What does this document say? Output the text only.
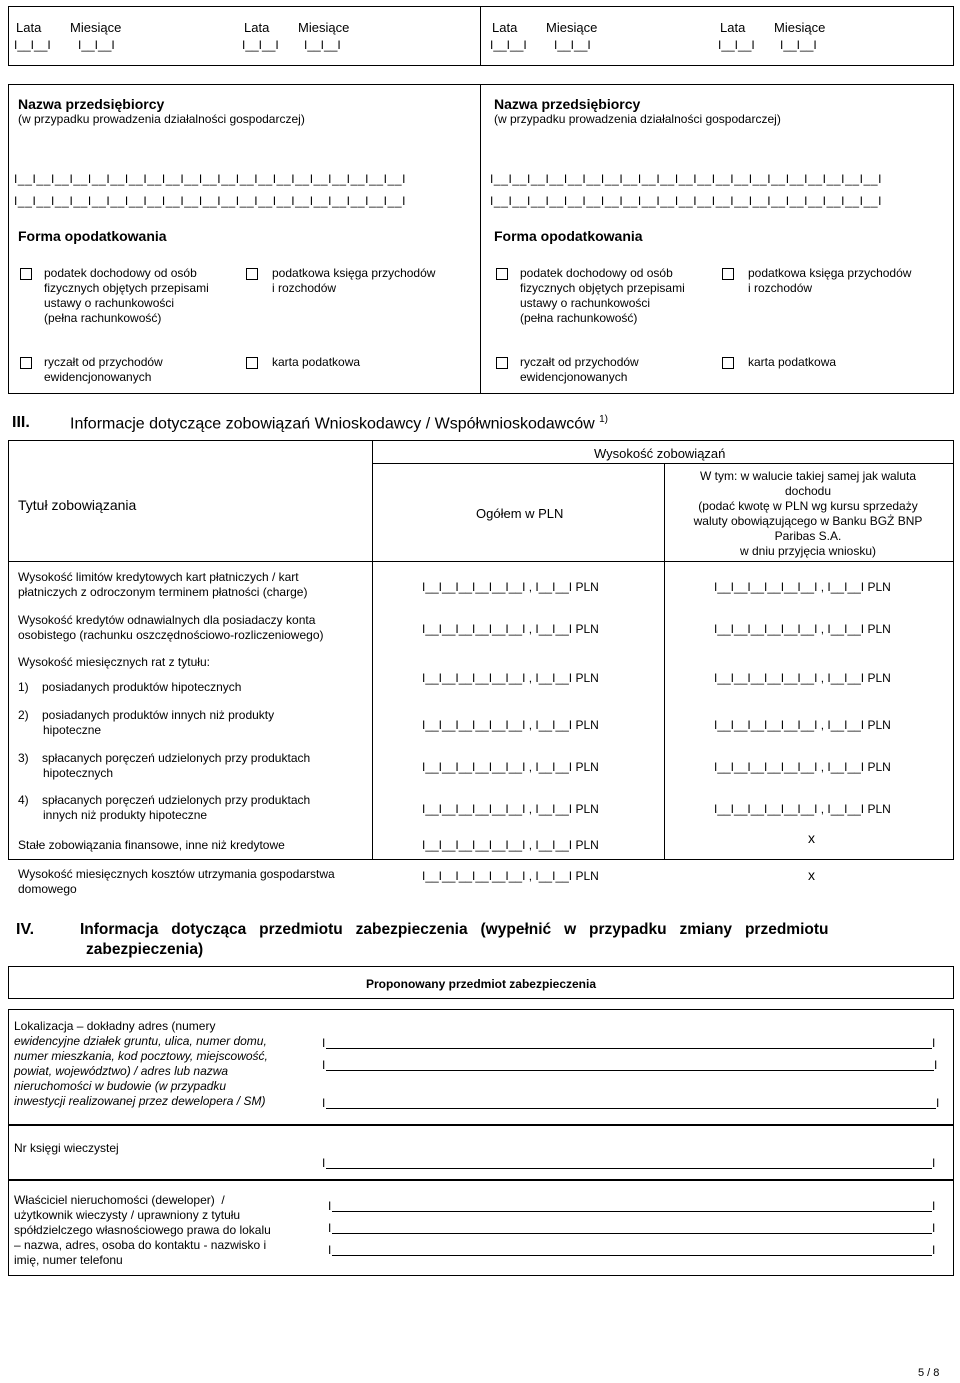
Lata Miesiące	Lata Miesiące	Lata Miesiące	Lata Miesiące
I__I__I I__I__I	I__I__I I__I__I	I__I__I I__I__I	I__I__I I__I__I
Nazwa przedsiębiorcy
(w przypadku prowadzenia działalności gospodarczej)
Nazwa przedsiębiorcy
(w przypadku prowadzenia działalności gospodarczej)
I__I__I__I__I__I__I__I__I__I__I__I__I__I__I__I__I__I__I__I__I__I
I__I__I__I__I__I__I__I__I__I__I__I__I__I__I__I__I__I__I__I__I__I
I__I__I__I__I__I__I__I__I__I__I__I__I__I__I__I__I__I__I__I__I__I
I__I__I__I__I__I__I__I__I__I__I__I__I__I__I__I__I__I__I__I__I__I
Forma opodatkowania	Forma opodatkowania
podatek dochodowy od osób
fizycznych objętych przepisami
ustawy o rachunkowości
(pełna rachunkowość)
podatkowa księga przychodów
i rozchodów
ryczałt od przychodów
ewidencjonowanych
karta podatkowa
podatek dochodowy od osób
fizycznych objętych przepisami
ustawy o rachunkowości
(pełna rachunkowość)
podatkowa księga przychodów
i rozchodów
ryczałt od przychodów
ewidencjonowanych
karta podatkowa
III.	Informacje dotyczące zobowiązań Wnioskodawcy / Współwnioskodawców $^{1)}$
Tytuł zobowiązania
Wysokość zobowiązań
Ogółem w PLN
W tym: w walucie takiej samej jak waluta
dochodu
(podać kwotę w PLN wg kursu sprzedaży
waluty obowiązującego w Banku BGŻ BNP
Paribas S.A.
w dniu przyjęcia wniosku)
Wysokość limitów kredytowych kart płatniczych / kart
płatniczych z odroczonym terminem płatności (charge)	I__I__I__I__I__I__I , I__I__I PLN	I__I__I__I__I__I__I , I__I__I PLN
Wysokość kredytów odnawialnych dla posiadaczy konta
osobistego (rachunku oszczędnościowo-rozliczeniowego)	I__I__I__I__I__I__I , I__I__I PLN	I__I__I__I__I__I__I , I__I__I PLN
Wysokość miesięcznych rat z tytułu:
1)    posiadanych produktów hipotecznych
I__I__I__I__I__I__I , I__I__I PLN	I__I__I__I__I__I__I , I__I__I PLN
2)    posiadanych produktów innych niż produkty
hipoteczne	I__I__I__I__I__I__I , I__I__I PLN	I__I__I__I__I__I__I , I__I__I PLN
3)    spłacanych poręczeń udzielonych przy produktach
hipotecznych	I__I__I__I__I__I__I , I__I__I PLN	I__I__I__I__I__I__I , I__I__I PLN
4)    spłacanych poręczeń udzielonych przy produktach
innych niż produkty hipoteczne	I__I__I__I__I__I__I , I__I__I PLN	I__I__I__I__I__I__I , I__I__I PLN
Stałe zobowiązania finansowe, inne niż kredytowe	I__I__I__I__I__I__I , I__I__I PLN	x
Wysokość miesięcznych kosztów utrzymania gospodarstwa
domowego
I__I__I__I__I__I__I , I__I__I PLN	x
IV.	Informacja   dotycząca   przedmiotu   zabezpieczenia   (wypełnić   w   przypadku   zmiany   przedmiotu
zabezpieczenia)
Proponowany przedmiot zabezpieczenia
Lokalizacja – dokładny adres (numery
ewidencyjne działek gruntu, ulica, numer domu,
numer mieszkania, kod pocztowy, miejscowość,
powiat, województwo) / adres lub nazwa
nieruchomości w budowie (w przypadku
inwestycji realizowanej przez dewelopera / SM)
I	I
I	I
I	I
Nr księgi wieczystej
I	I
Właściciel nieruchomości (deweloper)  /
użytkownik wieczysty / uprawniony z tytułu
spółdzielczego własnościowego prawa do lokalu
– nazwa, adres, osoba do kontaktu - nazwisko i
imię, numer telefonu
I	I
I	I
I	I
5 / 8
